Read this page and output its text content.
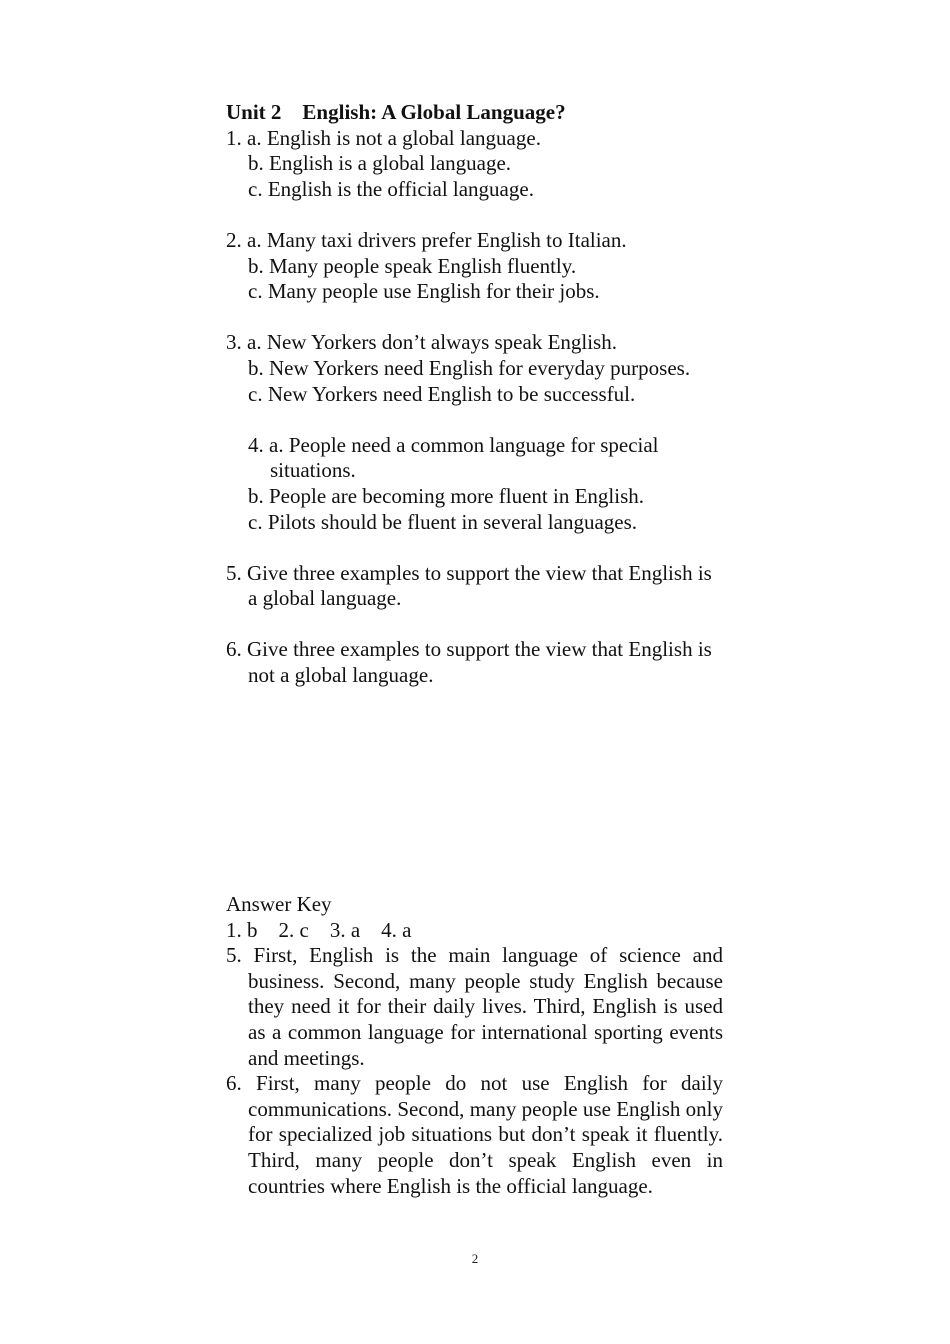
Unit 2    English: A Global Language?
1. a. English is not a global language.
b. English is a global language.
c. English is the official language.
2. a. Many taxi drivers prefer English to Italian.
b. Many people speak English fluently.
c. Many people use English for their jobs.
3. a. New Yorkers don’t always speak English.
b. New Yorkers need English for everyday purposes.
c. New Yorkers need English to be successful.
4. a. People need a common language for special situations.
b. People are becoming more fluent in English.
c. Pilots should be fluent in several languages.
5. Give three examples to support the view that English is a global language.
6. Give three examples to support the view that English is not a global language.
Answer Key
1. b    2. c    3. a    4. a
5. First, English is the main language of science and business. Second, many people study English because they need it for their daily lives. Third, English is used as a common language for international sporting events and meetings.
6. First, many people do not use English for daily communications. Second, many people use English only for specialized job situations but don’t speak it fluently. Third, many people don’t speak English even in countries where English is the official language.
2
